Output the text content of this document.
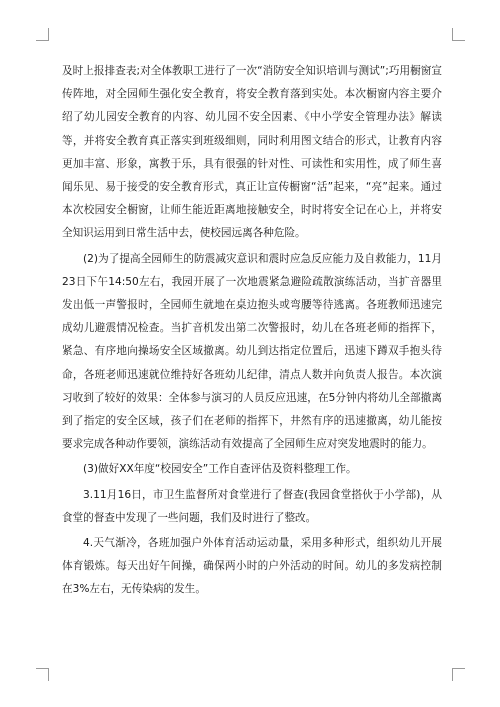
及时上报排查表;对全体教职工进行了一次“消防安全知识培训与测试”;巧用橱窗宣传阵地，对全园师生强化安全教育，将安全教育落到实处。本次橱窗内容主要介绍了幼儿园安全教育的内容、幼儿园不安全因素、《中小学安全管理办法》解读等，并将安全教育真正落实到班级细则，同时利用图文结合的形式，让教育内容更加丰富、形象，寓教于乐，具有很强的针对性、可读性和实用性，成了师生喜闻乐见、易于接受的安全教育形式，真正让宣传橱窗“活”起来，“亮”起来。通过本次校园安全橱窗，让师生能近距离地接触安全，时时将安全记在心上，并将安全知识运用到日常生活中去，使校园远离各种危险。

(2)为了提高全园师生的防震减灾意识和震时应急反应能力及自救能力，11月23日下午14:50左右，我园开展了一次地震紧急避险疏散演练活动，当扩音器里发出低一声警报时，全园师生就地在桌边抱头或弯腰等待逃离。各班教师迅速完成幼儿避震情况检查。当扩音机发出第二次警报时，幼儿在各班老师的指挥下，紧急、有序地向操场安全区域撤离。幼儿到达指定位置后，迅速下蹲双手抱头待命，各班老师迅速就位维持好各班幼儿纪律，清点人数并向负责人报告。本次演习收到了较好的效果：全体参与演习的人员反应迅速，在5分钟内将幼儿全部撤离到了指定的安全区域，孩子们在老师的指挥下，井然有序的迅速撤离，幼儿能按要求完成各种动作要领，演练活动有效提高了全园师生应对突发地震时的能力。

(3)做好XX年度“校园安全”工作自查评估及资料整理工作。

3.11月16日，市卫生监督所对食堂进行了督查(我园食堂搭伙于小学部)，从食堂的督查中发现了一些问题，我们及时进行了整改。

4.天气渐冷，各班加强户外体育活动运动量，采用多种形式，组织幼儿开展体育锻炼。每天出好午间操，确保两小时的户外活动的时间。幼儿的多发病控制在3%左右，无传染病的发生。
